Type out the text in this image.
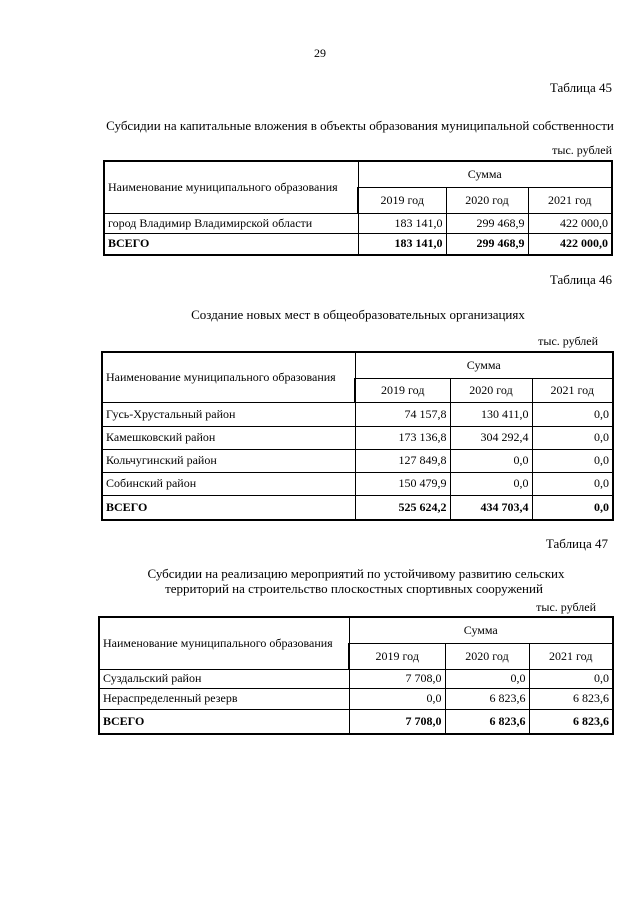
29
Таблица 45
Субсидии на капитальные вложения в объекты образования муниципальной собственности
тыс. рублей
Наименование муниципального образования	Сумма		
	2019 год	2020 год	2021 год
город Владимир Владимирской области	183 141,0	299 468,9	422 000,0
ВСЕГО	183 141,0	299 468,9	422 000,0
Таблица 46
Создание новых мест в общеобразовательных организациях
тыс. рублей
Наименование муниципального образования	Сумма		
	2019 год	2020 год	2021 год
Гусь-Хрустальный район	74 157,8	130 411,0	0,0
Камешковский район	173 136,8	304 292,4	0,0
Кольчугинский район	127 849,8	0,0	0,0
Собинский район	150 479,9	0,0	0,0
ВСЕГО	525 624,2	434 703,4	0,0
Таблица 47
Субсидии на реализацию мероприятий по устойчивому развитию сельских
территорий на строительство плоскостных спортивных сооружений
тыс. рублей
Наименование муниципального образования	Сумма		
	2019 год	2020 год	2021 год
Суздальский район	7 708,0	0,0	0,0
Нераспределенный резерв	0,0	6 823,6	6 823,6
ВСЕГО	7 708,0	6 823,6	6 823,6
